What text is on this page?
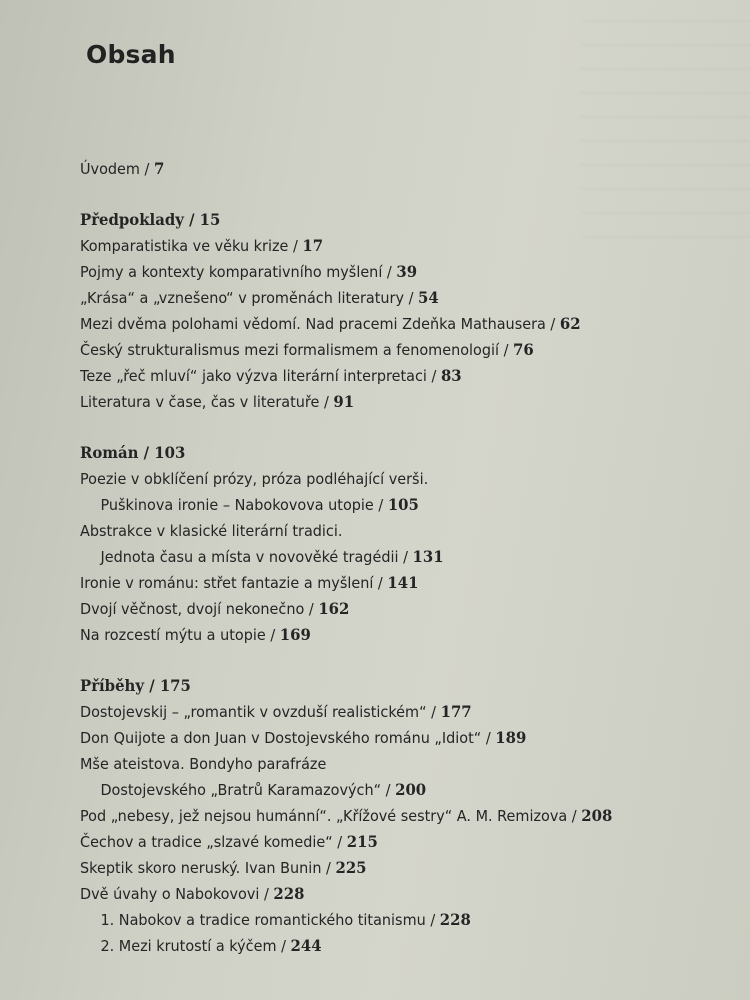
Obsah
Úvodem / 7
Předpoklady / 15
Komparatistika ve věku krize / 17
Pojmy a kontexty komparativního myšlení / 39
„Krása“ a „vznešeno“ v proměnách literatury / 54
Mezi dvěma polohami vědomí. Nad pracemi Zdeňka Mathausera / 62
Český strukturalismus mezi formalismem a fenomenologií / 76
Teze „řeč mluví“ jako výzva literární interpretaci / 83
Literatura v čase, čas v literatuře / 91
Román / 103
Poezie v obklíčení prózy, próza podléhající verši.
Puškinova ironie – Nabokovova utopie / 105
Abstrakce v klasické literární tradici.
Jednota času a místa v novověké tragédii / 131
Ironie v románu: střet fantazie a myšlení / 141
Dvojí věčnost, dvojí nekonečno / 162
Na rozcestí mýtu a utopie / 169
Příběhy / 175
Dostojevskij – „romantik v ovzduší realistickém“ / 177
Don Quijote a don Juan v Dostojevského románu „Idiot“ / 189
Mše ateistova. Bondyho parafráze
Dostojevského „Bratrů Karamazových“ / 200
Pod „nebesy, jež nejsou humánní“. „Křížové sestry“ A. M. Remizova / 208
Čechov a tradice „slzavé komedie“ / 215
Skeptik skoro neruský. Ivan Bunin / 225
Dvě úvahy o Nabokovovi / 228
1. Nabokov a tradice romantického titanismu / 228
2. Mezi krutostí a kýčem / 244
